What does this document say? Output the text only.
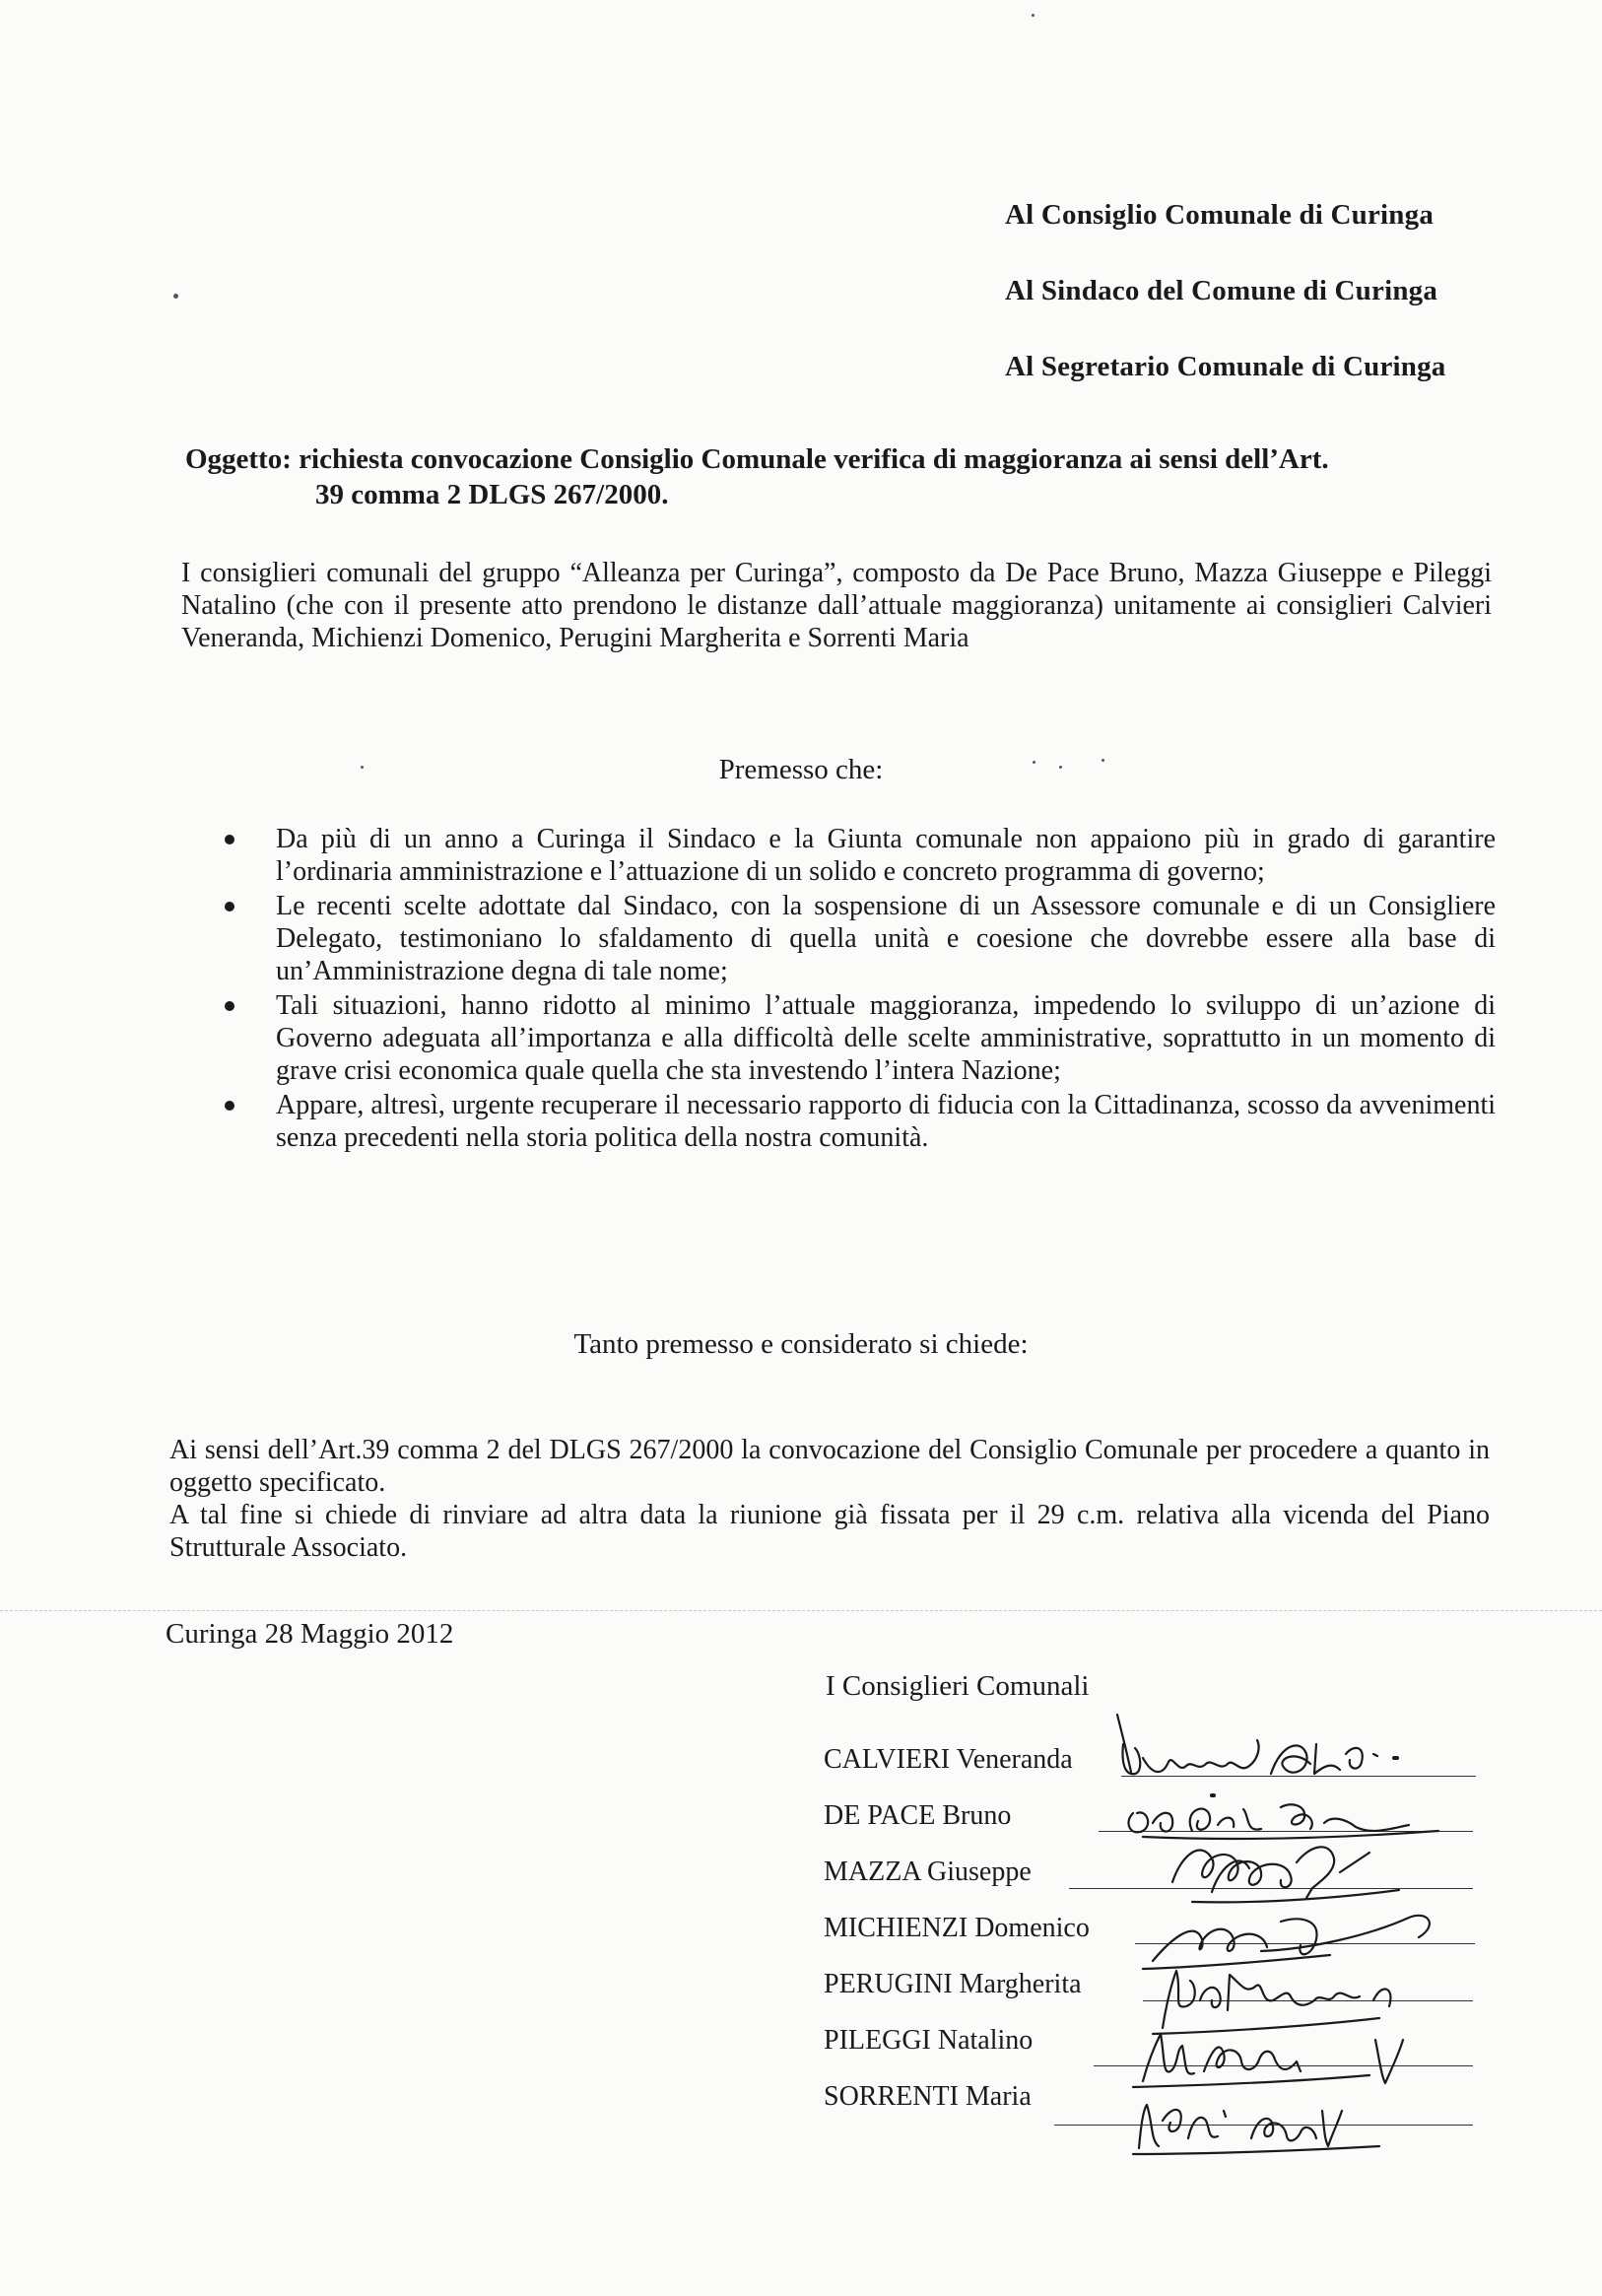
Al Consiglio Comunale di Curinga
Al Sindaco del Comune di Curinga
Al Segretario Comunale di Curinga
Oggetto: richiesta convocazione Consiglio Comunale verifica di maggioranza ai sensi dell’Art.
39 comma 2 DLGS 267/2000.
I consiglieri comunali del gruppo “Alleanza per Curinga”, composto da De Pace Bruno, Mazza Giuseppe e Pileggi Natalino (che con il presente atto prendono le distanze dall’attuale maggioranza) unitamente ai consiglieri Calvieri Veneranda, Michienzi Domenico, Perugini Margherita e Sorrenti Maria
Premesso che:
Da più di un anno a Curinga il Sindaco e la Giunta comunale non appaiono più in grado di garantire l’ordinaria amministrazione e l’attuazione di un solido e concreto programma di governo;
Le recenti scelte adottate dal Sindaco, con la sospensione di un Assessore comunale e di un Consigliere Delegato, testimoniano lo sfaldamento di quella unità e coesione che dovrebbe essere alla base di un’Amministrazione degna di tale nome;
Tali situazioni, hanno ridotto al minimo l’attuale maggioranza, impedendo lo sviluppo di un’azione di Governo adeguata all’importanza e alla difficoltà delle scelte amministrative, soprattutto in un momento di grave crisi economica quale quella che sta investendo l’intera Nazione;
Appare, altresì, urgente recuperare il necessario rapporto di fiducia con la Cittadinanza, scosso da avvenimenti senza precedenti nella storia politica della nostra comunità.
Tanto premesso e considerato si chiede:

Ai sensi dell’Art.39 comma 2 del DLGS 267/2000 la convocazione del Consiglio Comunale per procedere a quanto in oggetto specificato.

A tal fine si chiede di rinviare ad altra data la riunione già fissata per il 29 c.m. relativa alla vicenda del Piano Strutturale Associato.

Curinga 28 Maggio 2012
I Consiglieri Comunali
CALVIERI Veneranda
DE PACE Bruno
MAZZA Giuseppe
MICHIENZI Domenico
PERUGINI Margherita
PILEGGI Natalino
SORRENTI Maria
